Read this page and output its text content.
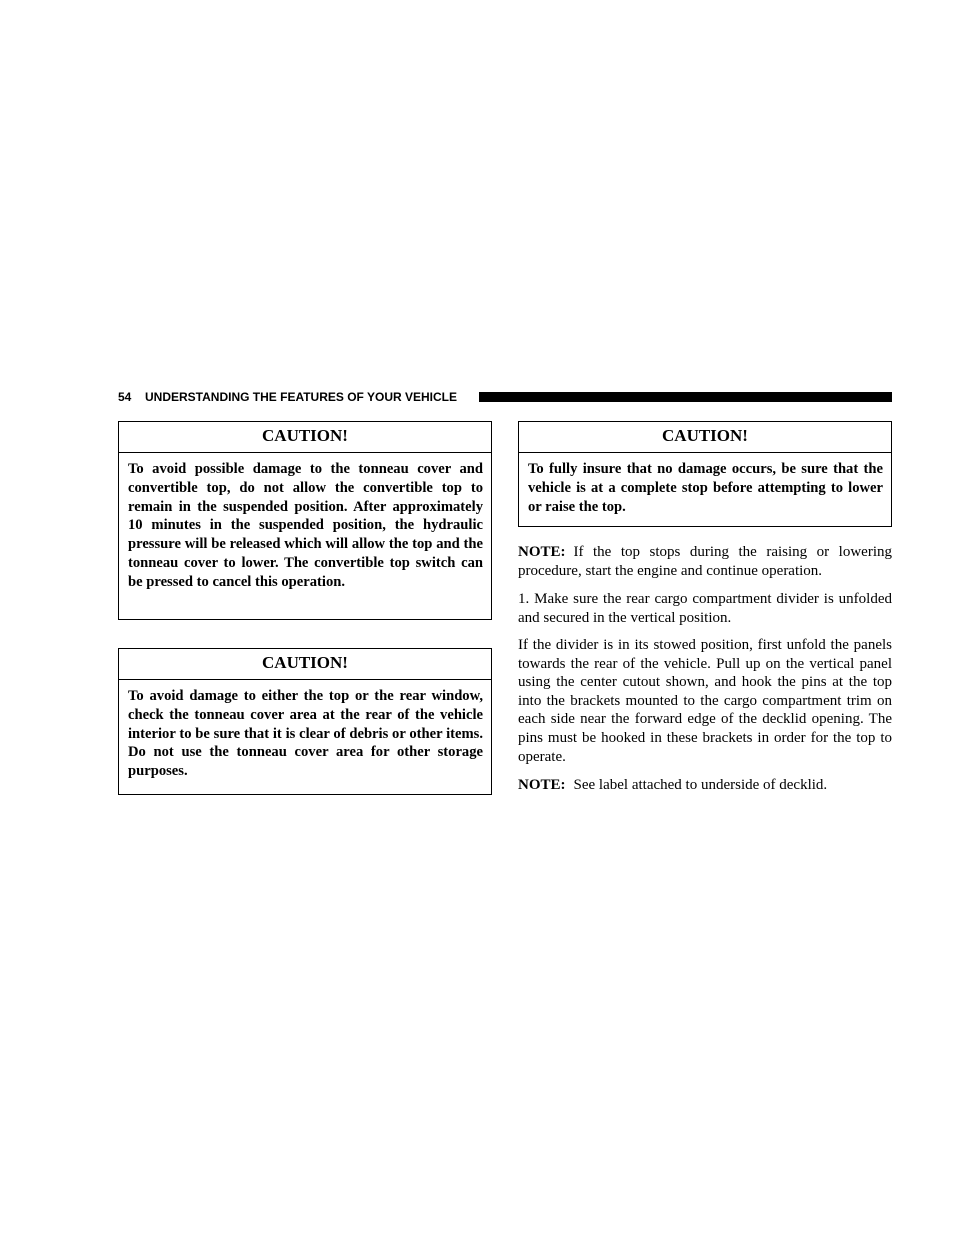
54 UNDERSTANDING THE FEATURES OF YOUR VEHICLE
CAUTION!
To avoid possible damage to the tonneau cover and convertible top, do not allow the convertible top to remain in the suspended position. After approximately 10 minutes in the suspended position, the hydraulic pressure will be released which will allow the top and the tonneau cover to lower. The convertible top switch can be pressed to cancel this operation.
CAUTION!
To avoid damage to either the top or the rear window, check the tonneau cover area at the rear of the vehicle interior to be sure that it is clear of debris or other items. Do not use the tonneau cover area for other storage purposes.
CAUTION!
To fully insure that no damage occurs, be sure that the vehicle is at a complete stop before attempting to lower or raise the top.
NOTE: If the top stops during the raising or lowering procedure, start the engine and continue operation.
1. Make sure the rear cargo compartment divider is unfolded and secured in the vertical position.
If the divider is in its stowed position, first unfold the panels towards the rear of the vehicle. Pull up on the vertical panel using the center cutout shown, and hook the pins at the top into the brackets mounted to the cargo compartment trim on each side near the forward edge of the decklid opening. The pins must be hooked in these brackets in order for the top to operate.
NOTE: See label attached to underside of decklid.
